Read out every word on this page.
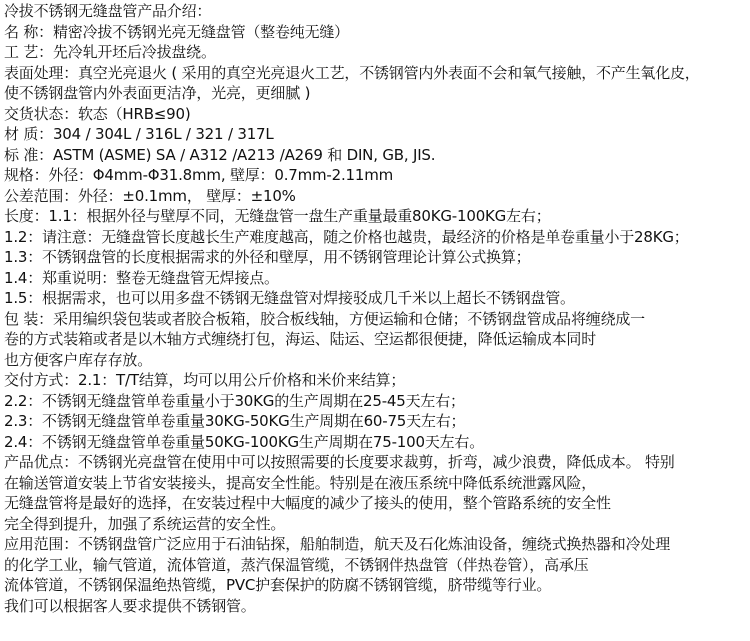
冷拔不锈钢无缝盘管产品介绍：
名 称：精密冷拔不锈钢光亮无缝盘管（整卷纯无缝）
工 艺：先冷轧开坯后冷拔盘绕。
表面处理：真空光亮退火 ( 采用的真空光亮退火工艺，不锈钢管内外表面不会和氧气接触，不产生氧化皮，
使不锈钢盘管内外表面更洁净，光亮，更细腻 )
交货状态：软态（HRB≤90)
材 质：304 / 304L / 316L / 321 / 317L
标 准：ASTM (ASME) SA / A312 /A213 /A269 和 DIN, GB, JIS.
规格：外径：Φ4mm-Φ31.8mm, 壁厚：0.7mm-2.11mm
公差范围：外径：±0.1mm， 壁厚：±10%
长度：1.1：根据外径与壁厚不同，无缝盘管一盘生产重量最重80KG-100KG左右；
1.2：请注意：无缝盘管长度越长生产难度越高，随之价格也越贵，最经济的价格是单卷重量小于28KG；
1.3：不锈钢盘管的长度根据需求的外径和壁厚，用不锈钢管理论计算公式换算；
1.4：郑重说明：整卷无缝盘管无焊接点。
1.5：根据需求，也可以用多盘不锈钢无缝盘管对焊接驳成几千米以上超长不锈钢盘管。
包 装：采用编织袋包装或者胶合板箱，胶合板线轴，方便运输和仓储；不锈钢盘管成品将缠绕成一
卷的方式装箱或者是以木轴方式缠绕打包，海运、陆运、空运都很便捷，降低运输成本同时
也方便客户库存存放。
交付方式：2.1：T/T结算，均可以用公斤价格和米价来结算；
2.2：不锈钢无缝盘管单卷重量小于30KG的生产周期在25-45天左右；
2.3：不锈钢无缝盘管单卷重量30KG-50KG生产周期在60-75天左右；
2.4：不锈钢无缝盘管单卷重量50KG-100KG生产周期在75-100天左右。
产品优点：不锈钢光亮盘管在使用中可以按照需要的长度要求裁剪，折弯，减少浪费，降低成本。 特别
在输送管道安装上节省安装接头，提高安全性能。特别是在液压系统中降低系统泄露风险，
无缝盘管将是最好的选择，在安装过程中大幅度的减少了接头的使用，整个管路系统的安全性
完全得到提升，加强了系统运营的安全性。
应用范围：不锈钢盘管广泛应用于石油钻探，船舶制造，航天及石化炼油设备，缠绕式换热器和冷处理
的化学工业，输气管道，流体管道，蒸汽保温管缆，不锈钢伴热盘管（伴热卷管），高承压
流体管道，不锈钢保温绝热管缆，PVC护套保护的防腐不锈钢管缆，脐带缆等行业。
我们可以根据客人要求提供不锈钢管。
